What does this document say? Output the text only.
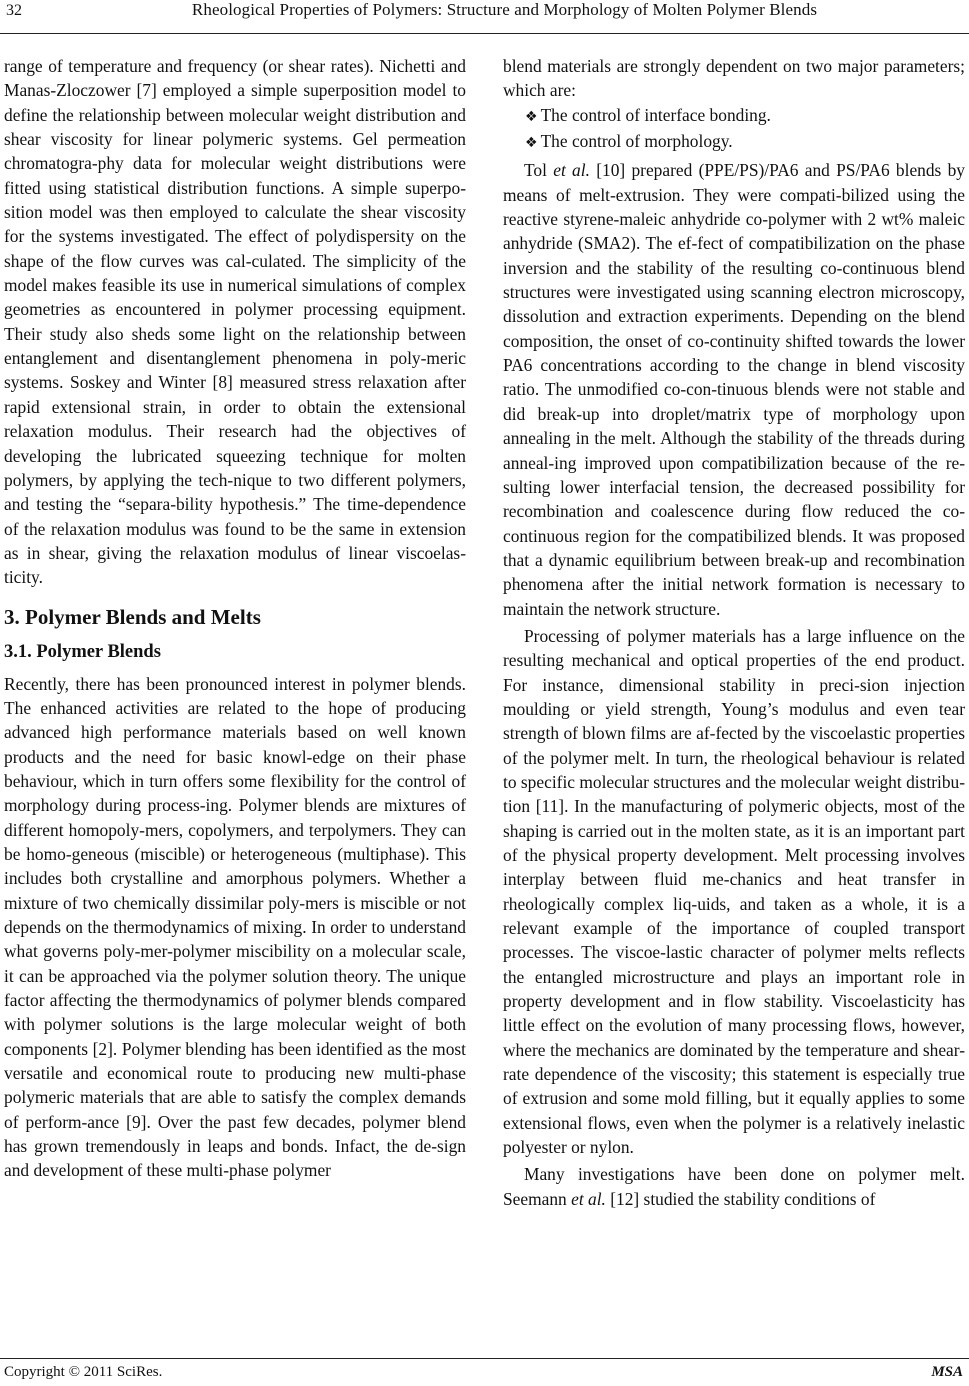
32	Rheological Properties of Polymers: Structure and Morphology of Molten Polymer Blends

range of temperature and frequency (or shear rates). Nichetti and Manas-Zloczower [7] employed a simple superposition model to define the relationship between molecular weight distribution and shear viscosity for linear polymeric systems. Gel permeation chromatogra-phy data for molecular weight distributions were fitted using statistical distribution functions. A simple superpo-sition model was then employed to calculate the shear viscosity for the systems investigated. The effect of polydispersity on the shape of the flow curves was cal-culated. The simplicity of the model makes feasible its use in numerical simulations of complex geometries as encountered in polymer processing equipment. Their study also sheds some light on the relationship between entanglement and disentanglement phenomena in poly-meric systems. Soskey and Winter [8] measured stress relaxation after rapid extensional strain, in order to obtain the extensional relaxation modulus. Their research had the objectives of developing the lubricated squeezing technique for molten polymers, by applying the tech-nique to two different polymers, and testing the “separa-bility hypothesis.” The time-dependence of the relaxation modulus was found to be the same in extension as in shear, giving the relaxation modulus of linear viscoelas-ticity.

3. Polymer Blends and Melts
3.1. Polymer Blends

Recently, there has been pronounced interest in polymer blends. The enhanced activities are related to the hope of producing advanced high performance materials based on well known products and the need for basic knowl-edge on their phase behaviour, which in turn offers some flexibility for the control of morphology during process-ing. Polymer blends are mixtures of different homopoly-mers, copolymers, and terpolymers. They can be homo-geneous (miscible) or heterogeneous (multiphase). This includes both crystalline and amorphous polymers. Whether a mixture of two chemically dissimilar poly-mers is miscible or not depends on the thermodynamics of mixing. In order to understand what governs poly-mer-polymer miscibility on a molecular scale, it can be approached via the polymer solution theory. The unique factor affecting the thermodynamics of polymer blends compared with polymer solutions is the large molecular weight of both components [2]. Polymer blending has been identified as the most versatile and economical route to producing new multi-phase polymeric materials that are able to satisfy the complex demands of perform-ance [9]. Over the past few decades, polymer blend has grown tremendously in leaps and bonds. Infact, the de-sign and development of these multi-phase polymer

blend materials are strongly dependent on two major parameters; which are:

❖ The control of interface bonding.

❖ The control of morphology.

Tol et al. [10] prepared (PPE/PS)/PA6 and PS/PA6 blends by means of melt-extrusion. They were compati-bilized using the reactive styrene-maleic anhydride co-polymer with 2 wt% maleic anhydride (SMA2). The ef-fect of compatibilization on the phase inversion and the stability of the resulting co-continuous blend structures were investigated using scanning electron microscopy, dissolution and extraction experiments. Depending on the blend composition, the onset of co-continuity shifted towards the lower PA6 concentrations according to the change in blend viscosity ratio. The unmodified co-con-tinuous blends were not stable and did break-up into droplet/matrix type of morphology upon annealing in the melt. Although the stability of the threads during anneal-ing improved upon compatibilization because of the re-sulting lower interfacial tension, the decreased possibility for recombination and coalescence during flow reduced the co-continuous region for the compatibilized blends. It was proposed that a dynamic equilibrium between break-up and recombination phenomena after the initial network formation is necessary to maintain the network structure.

Processing of polymer materials has a large influence on the resulting mechanical and optical properties of the end product. For instance, dimensional stability in preci-sion injection moulding or yield strength, Young’s modulus and even tear strength of blown films are af-fected by the viscoelastic properties of the polymer melt. In turn, the rheological behaviour is related to specific molecular structures and the molecular weight distribu-tion [11]. In the manufacturing of polymeric objects, most of the shaping is carried out in the molten state, as it is an important part of the physical property development. Melt processing involves interplay between fluid me-chanics and heat transfer in rheologically complex liq-uids, and taken as a whole, it is a relevant example of the importance of coupled transport processes. The viscoe-lastic character of polymer melts reflects the entangled microstructure and plays an important role in property development and in flow stability. Viscoelasticity has little effect on the evolution of many processing flows, however, where the mechanics are dominated by the temperature and shear-rate dependence of the viscosity; this statement is especially true of extrusion and some mold filling, but it equally applies to some extensional flows, even when the polymer is a relatively inelastic polyester or nylon.

Many investigations have been done on polymer melt. Seemann et al. [12] studied the stability conditions of

Copyright © 2011 SciRes.	MSA
